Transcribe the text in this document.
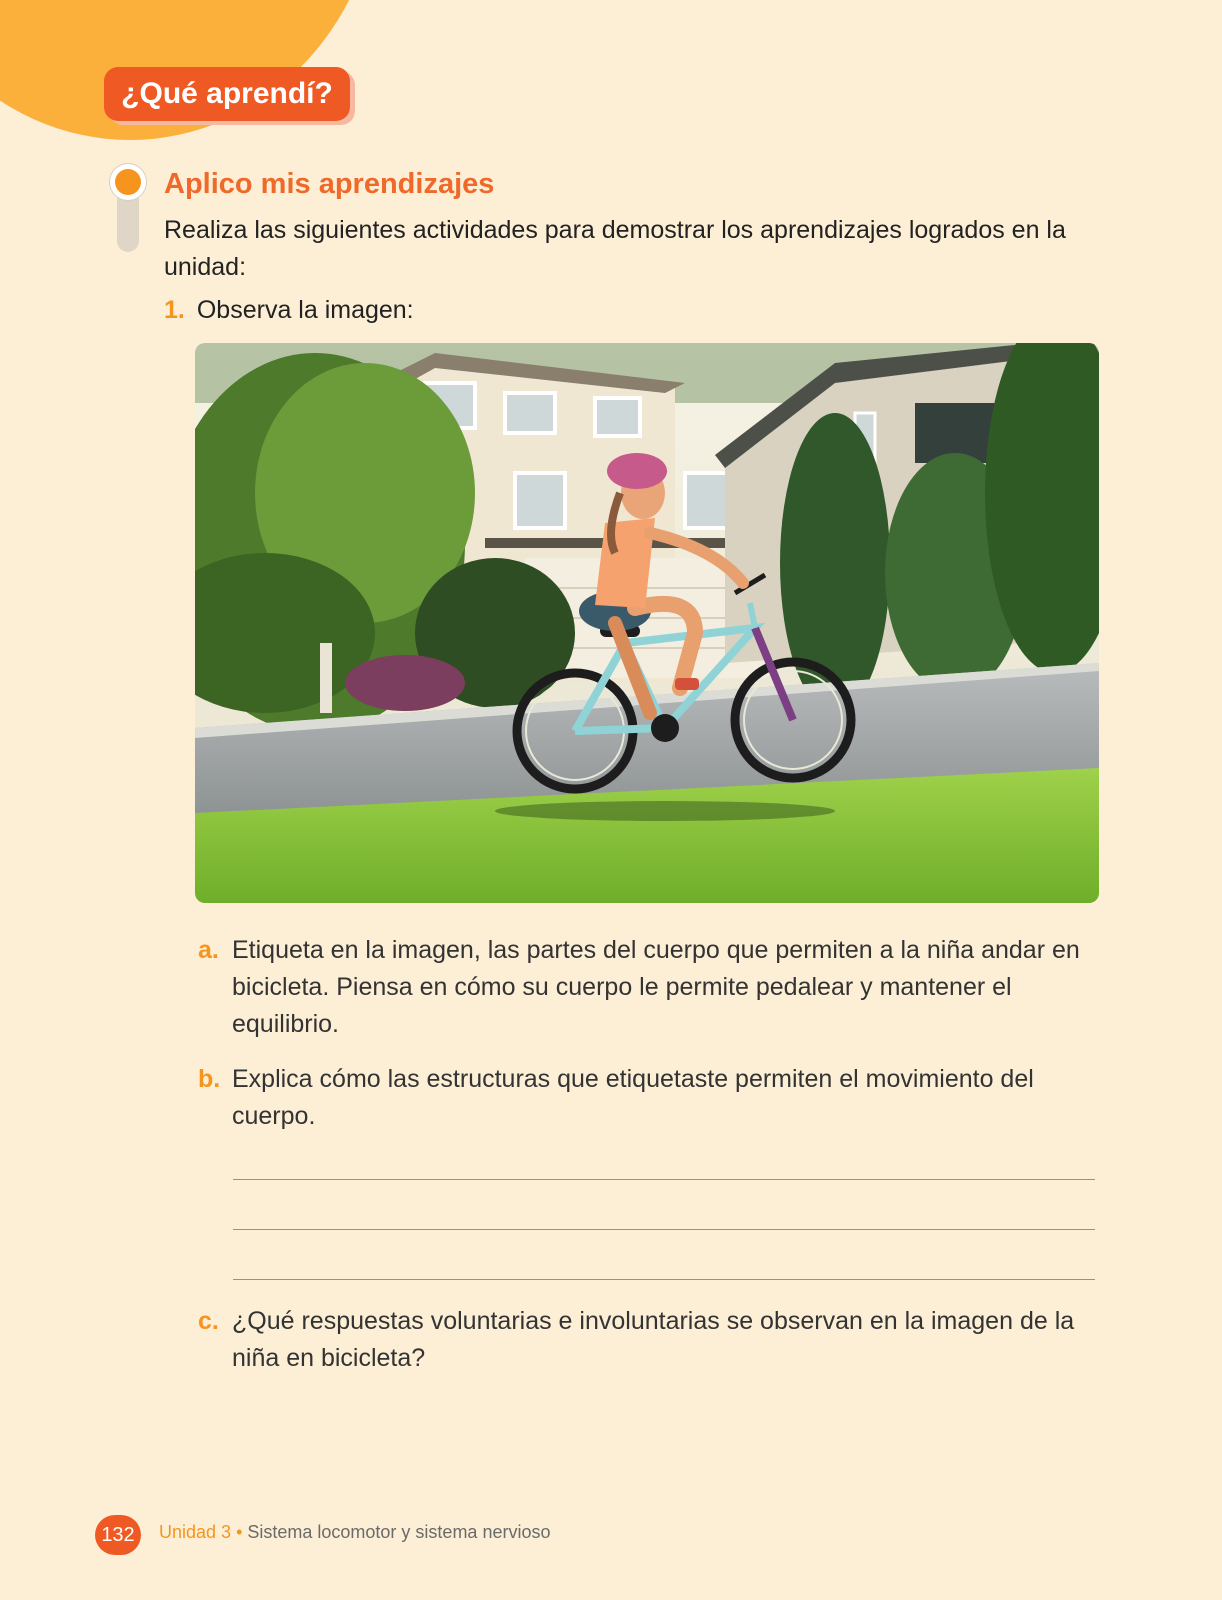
¿Qué aprendí?
Aplico mis aprendizajes
Realiza las siguientes actividades para demostrar los aprendizajes logrados en la unidad:
1. Observa la imagen:
a. Etiqueta en la imagen, las partes del cuerpo que permiten a la niña andar en bicicleta. Piensa en cómo su cuerpo le permite pedalear y mantener el equilibrio.
b. Explica cómo las estructuras que etiquetaste permiten el movimiento del cuerpo.
c. ¿Qué respuestas voluntarias e involuntarias se observan en la imagen de la niña en bicicleta?
132	Unidad 3 • Sistema locomotor y sistema nervioso
